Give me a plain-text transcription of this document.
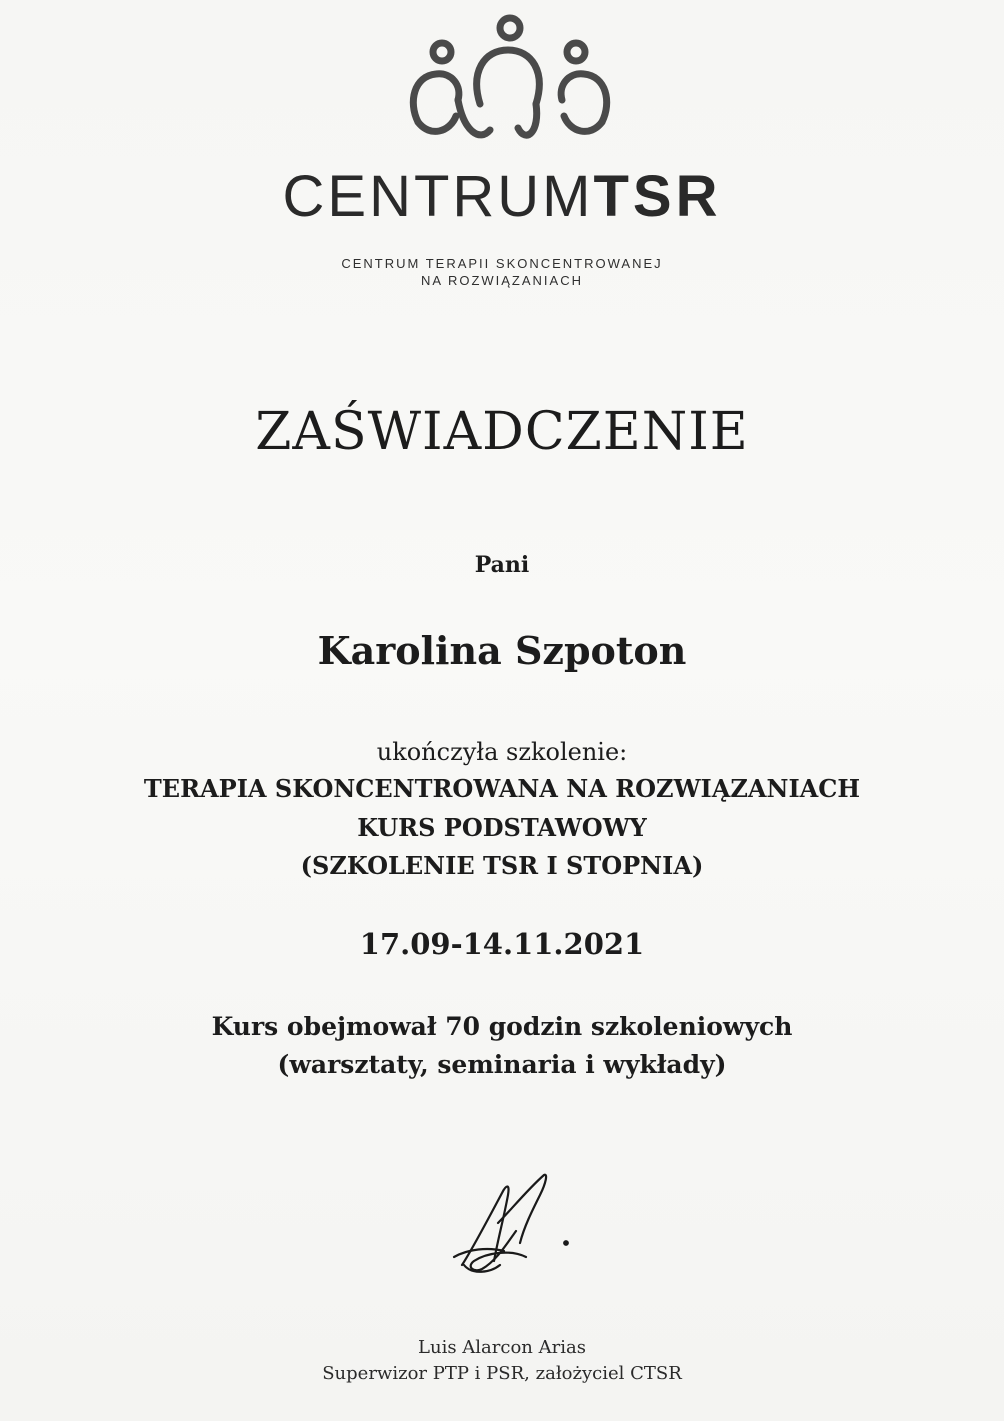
CENTRUMTSR
CENTRUM TERAPII SKONCENTROWANEJ
NA ROZWIĄZANIACH
ZAŚWIADCZENIE
Pani
Karolina Szpoton
ukończyła szkolenie:
TERAPIA SKONCENTROWANA NA ROZWIĄZANIACH
KURS PODSTAWOWY
(SZKOLENIE TSR I STOPNIA)
17.09-14.11.2021
Kurs obejmował 70 godzin szkoleniowych
(warsztaty, seminaria i wykłady)
Luis Alarcon Arias
Superwizor PTP i PSR, założyciel CTSR
